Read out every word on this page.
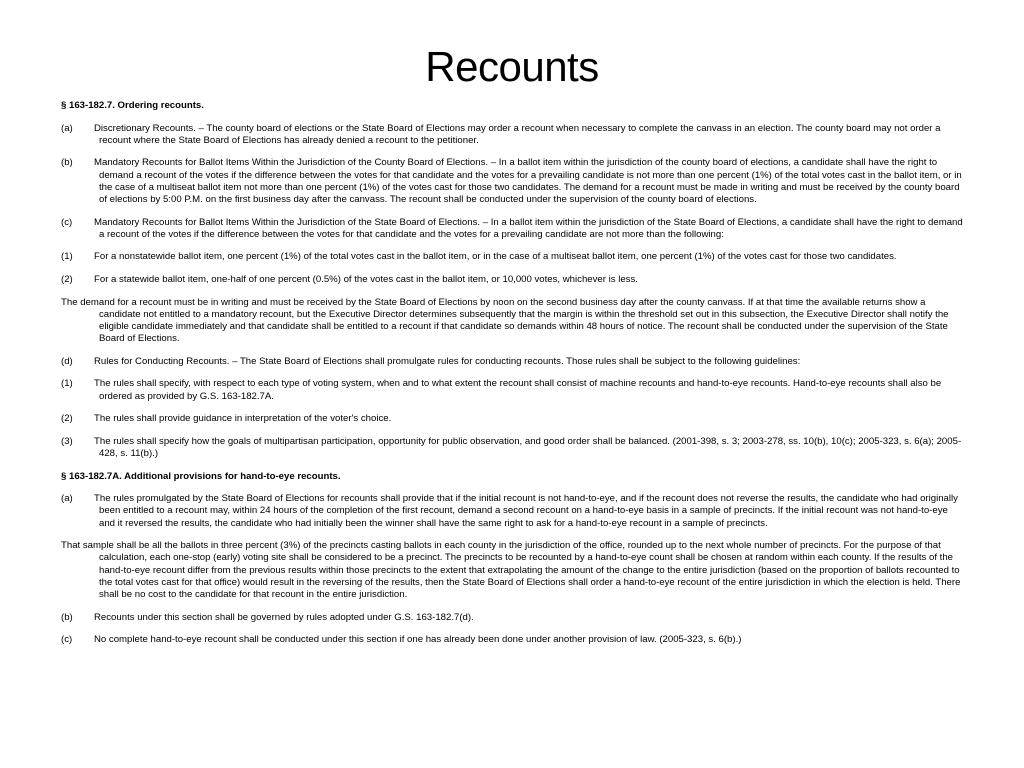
Recounts

§ 163-182.7. Ordering recounts.

(a) Discretionary Recounts. – The county board of elections or the State Board of Elections may order a recount when necessary to complete the canvass in an election. The county board may not order a recount where the State Board of Elections has already denied a recount to the petitioner.

(b) Mandatory Recounts for Ballot Items Within the Jurisdiction of the County Board of Elections. – In a ballot item within the jurisdiction of the county board of elections, a candidate shall have the right to demand a recount of the votes if the difference between the votes for that candidate and the votes for a prevailing candidate is not more than one percent (1%) of the total votes cast in the ballot item, or in the case of a multiseat ballot item not more than one percent (1%) of the votes cast for those two candidates. The demand for a recount must be made in writing and must be received by the county board of elections by 5:00 P.M. on the first business day after the canvass. The recount shall be conducted under the supervision of the county board of elections.

(c) Mandatory Recounts for Ballot Items Within the Jurisdiction of the State Board of Elections. – In a ballot item within the jurisdiction of the State Board of Elections, a candidate shall have the right to demand a recount of the votes if the difference between the votes for that candidate and the votes for a prevailing candidate are not more than the following:

(1) For a nonstatewide ballot item, one percent (1%) of the total votes cast in the ballot item, or in the case of a multiseat ballot item, one percent (1%) of the votes cast for those two candidates.

(2) For a statewide ballot item, one-half of one percent (0.5%) of the votes cast in the ballot item, or 10,000 votes, whichever is less.

The demand for a recount must be in writing and must be received by the State Board of Elections by noon on the second business day after the county canvass. If at that time the available returns show a candidate not entitled to a mandatory recount, but the Executive Director determines subsequently that the margin is within the threshold set out in this subsection, the Executive Director shall notify the eligible candidate immediately and that candidate shall be entitled to a recount if that candidate so demands within 48 hours of notice. The recount shall be conducted under the supervision of the State Board of Elections.

(d) Rules for Conducting Recounts. – The State Board of Elections shall promulgate rules for conducting recounts. Those rules shall be subject to the following guidelines:

(1) The rules shall specify, with respect to each type of voting system, when and to what extent the recount shall consist of machine recounts and hand-to-eye recounts. Hand-to-eye recounts shall also be ordered as provided by G.S. 163-182.7A.

(2) The rules shall provide guidance in interpretation of the voter's choice.

(3) The rules shall specify how the goals of multipartisan participation, opportunity for public observation, and good order shall be balanced. (2001-398, s. 3; 2003-278, ss. 10(b), 10(c); 2005-323, s. 6(a); 2005-428, s. 11(b).)

§ 163-182.7A. Additional provisions for hand-to-eye recounts.

(a) The rules promulgated by the State Board of Elections for recounts shall provide that if the initial recount is not hand-to-eye, and if the recount does not reverse the results, the candidate who had originally been entitled to a recount may, within 24 hours of the completion of the first recount, demand a second recount on a hand-to-eye basis in a sample of precincts. If the initial recount was not hand-to-eye and it reversed the results, the candidate who had initially been the winner shall have the same right to ask for a hand-to-eye recount in a sample of precincts.

That sample shall be all the ballots in three percent (3%) of the precincts casting ballots in each county in the jurisdiction of the office, rounded up to the next whole number of precincts. For the purpose of that calculation, each one-stop (early) voting site shall be considered to be a precinct. The precincts to be recounted by a hand-to-eye count shall be chosen at random within each county. If the results of the hand-to-eye recount differ from the previous results within those precincts to the extent that extrapolating the amount of the change to the entire jurisdiction (based on the proportion of ballots recounted to the total votes cast for that office) would result in the reversing of the results, then the State Board of Elections shall order a hand-to-eye recount of the entire jurisdiction in which the election is held. There shall be no cost to the candidate for that recount in the entire jurisdiction.

(b) Recounts under this section shall be governed by rules adopted under G.S. 163-182.7(d).

(c) No complete hand-to-eye recount shall be conducted under this section if one has already been done under another provision of law. (2005-323, s. 6(b).)
